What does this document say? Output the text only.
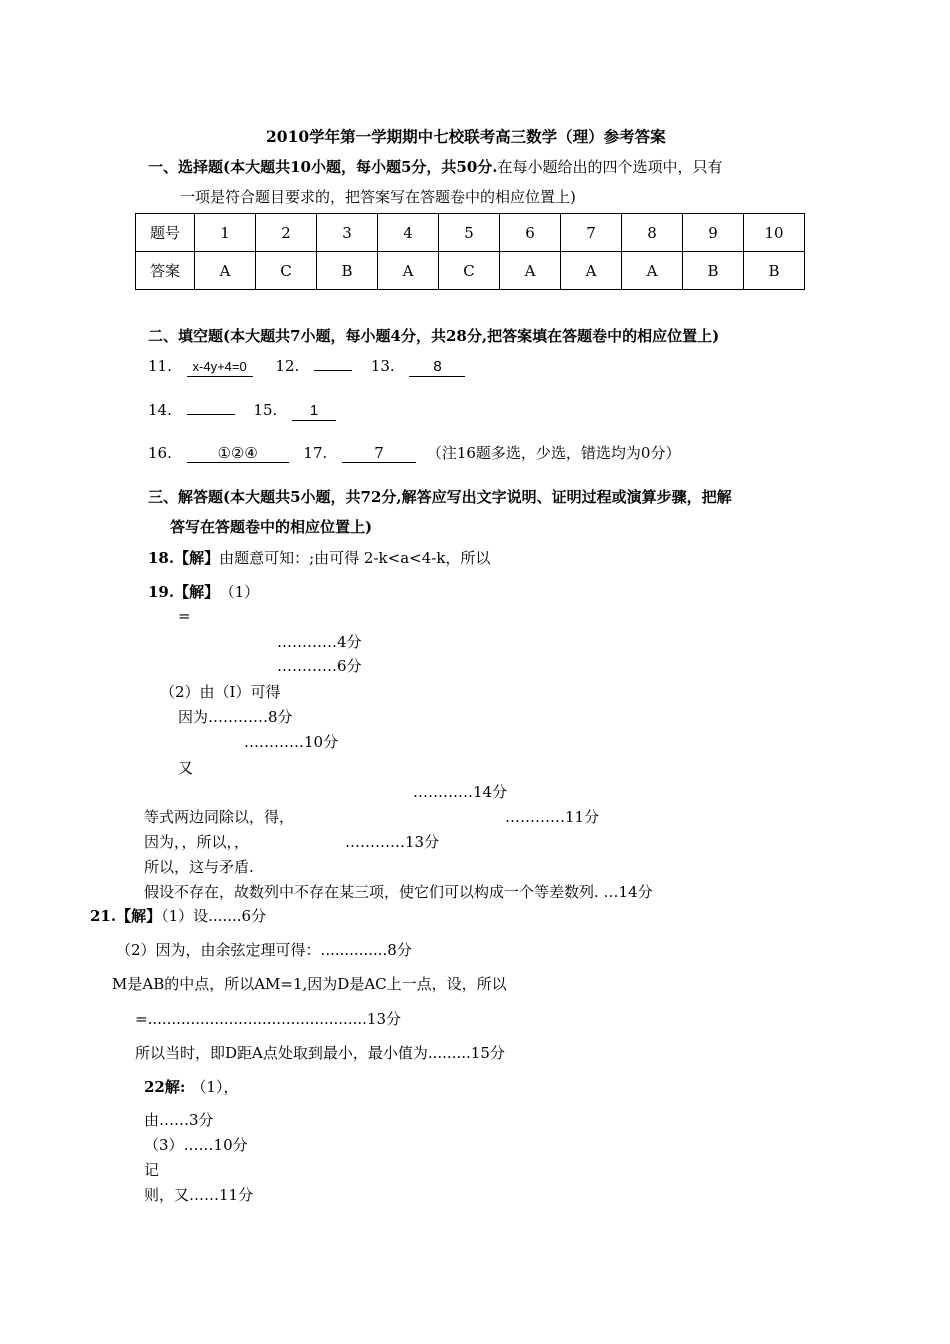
2010学年第一学期期中七校联考高三数学（理）参考答案
一、选择题(本大题共10小题，每小题5分，共50分.在每小题给出的四个选项中，只有
一项是符合题目要求的，把答案写在答题卷中的相应位置上)
题号	1	2	3	4	5	6	7	8	9	10
答案	A	C	B	A	C	A	A	A	B	B
二、填空题(本大题共7小题，每小题4分，共28分,把答案填在答题卷中的相应位置上)
11. x-4y+4=0 12.	13.	8
14.	15. 1
16.	①②④	17.	7	（注16题多选，少选，错选均为0分）
三、解答题(本大题共5小题，共72分,解答应写出文字说明、证明过程或演算步骤，把解
答写在答题卷中的相应位置上)
18.【解】由题意可知：;由可得 2-k<a<4-k，所以
19.【解】 （1）
=
…………4分
…………6分
（2）由（I）可得
因为…………8分
…………10分
又
…………14分
等式两边同除以，得，	…………11分
因为，，所以，，	…………13分
所以，这与矛盾.
假设不存在，故数列中不存在某三项，使它们可以构成一个等差数列. …14分
21.【解】（1）设.......6分
（2）因为，由余弦定理可得：..............8分
M是AB的中点，所以AM=1,因为D是AC上一点，设，所以
=..............................................13分
所以当时，即D距A点处取到最小，最小值为.........15分
22解: （1），
由……3分
（3）……10分
记
则，又……11分
